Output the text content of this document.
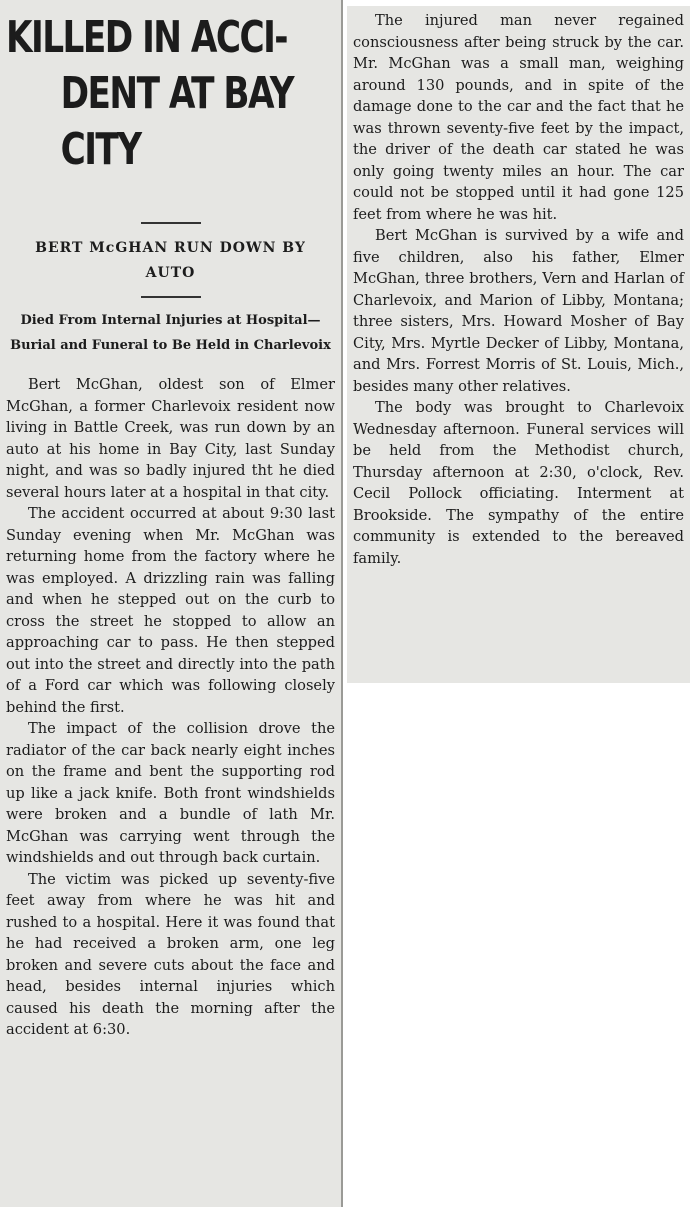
KILLED IN ACCI-
DENT AT BAY CITY
BERT McGHAN RUN DOWN BY AUTO
Died From Internal Injuries at Hospital—Burial and Funeral to Be Held in Charlevoix

Bert McGhan, oldest son of Elmer McGhan, a former Charlevoix resident now living in Battle Creek, was run down by an auto at his home in Bay City, last Sunday night, and was so badly injured tht he died several hours later at a hospital in that city.

The accident occurred at about 9:30 last Sunday evening when Mr. McGhan was returning home from the factory where he was employed. A drizzling rain was falling and when he stepped out on the curb to cross the street he stopped to allow an approaching car to pass. He then stepped out into the street and directly into the path of a Ford car which was following closely behind the first.

The impact of the collision drove the radiator of the car back nearly eight inches on the frame and bent the supporting rod up like a jack knife. Both front windshields were broken and a bundle of lath Mr. McGhan was carrying went through the windshields and out through back curtain.

The victim was picked up seventy-five feet away from where he was hit and rushed to a hospital. Here it was found that he had received a broken arm, one leg broken and severe cuts about the face and head, besides internal injuries which caused his death the morning after the accident at 6:30.

The injured man never regained consciousness after being struck by the car. Mr. McGhan was a small man, weighing around 130 pounds, and in spite of the damage done to the car and the fact that he was thrown seventy-five feet by the impact, the driver of the death car stated he was only going twenty miles an hour. The car could not be stopped until it had gone 125 feet from where he was hit.

Bert McGhan is survived by a wife and five children, also his father, Elmer McGhan, three brothers, Vern and Harlan of Charlevoix, and Marion of Libby, Montana; three sisters, Mrs. Howard Mosher of Bay City, Mrs. Myrtle Decker of Libby, Montana, and Mrs. Forrest Morris of St. Louis, Mich., besides many other relatives.

The body was brought to Charlevoix Wednesday afternoon. Funeral services will be held from the Methodist church, Thursday afternoon at 2:30, o'clock, Rev. Cecil Pollock officiating. Interment at Brookside. The sympathy of the entire community is extended to the bereaved family.
